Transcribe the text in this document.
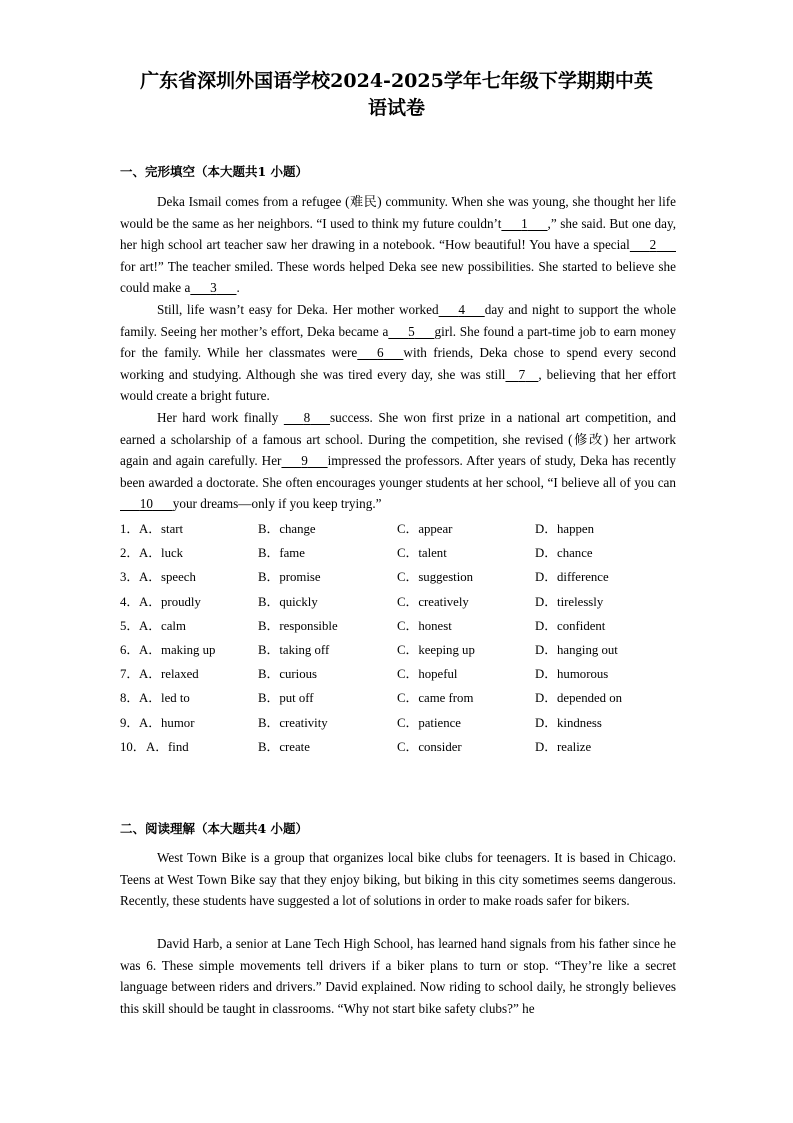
广东省深圳外国语学校2024-2025学年七年级下学期期中英
语试卷
一、完形填空（本大题共1 小题）

Deka Ismail comes from a refugee (难民) community. When she was young, she thought her life would be the same as her neighbors. “I used to think my future couldn’t 1 ,” she said. But one day, her high school art teacher saw her drawing in a notebook. “How beautiful! You have a special 2      for art!” The teacher smiled. These words helped Deka see new possibilities. She started to believe she could make a 3 .

Still, life wasn’t easy for Deka. Her mother worked 4 day and night to support the whole family. Seeing her mother’s effort, Deka became a 5 girl. She found a part-time job to earn money for the family. While her classmates were 6 with friends, Deka chose to spend every second working and studying. Although she was tired every day, she was still 7 , believing that her effort would create a bright future.

Her hard work finally 8 success. She won first prize in a national art competition, and earned a scholarship of a famous art school. During the competition, she revised (修改) her artwork again and again carefully. Her 9 impressed the professors. After years of study, Deka has recently been awarded a doctorate. She often encourages younger students at her school, “I believe all of you can      10 your dreams—only if you keep trying.”

1． A．start	B．change	C．appear	D．happen
2． A．luck	B．fame	C．talent	D．chance
3． A．speech	B．promise	C．suggestion	D．difference
4． A．proudly	B．quickly	C．creatively	D．tirelessly
5． A．calm	B．responsible	C．honest	D．confident
6． A．making up	B．taking off	C．keeping up	D．hanging out
7． A．relaxed	B．curious	C．hopeful	D．humorous
8． A．led to	B．put off	C．came from	D．depended on
9． A．humor	B．creativity	C．patience	D．kindness
10． A．find	B．create	C．consider	D．realize
二、阅读理解（本大题共4 小题）

West Town Bike is a group that organizes local bike clubs for teenagers. It is based in Chicago. Teens at West Town Bike say that they enjoy biking, but biking in this city sometimes seems dangerous. Recently, these students have suggested a lot of solutions in order to make roads safer for bikers.

David Harb, a senior at Lane Tech High School, has learned hand signals from his father since he was 6. These simple movements tell drivers if a biker plans to turn or stop. “They’re like a secret language between riders and drivers.” David explained. Now riding to school daily, he strongly believes this skill should be taught in classrooms. “Why not start bike safety clubs?” he
